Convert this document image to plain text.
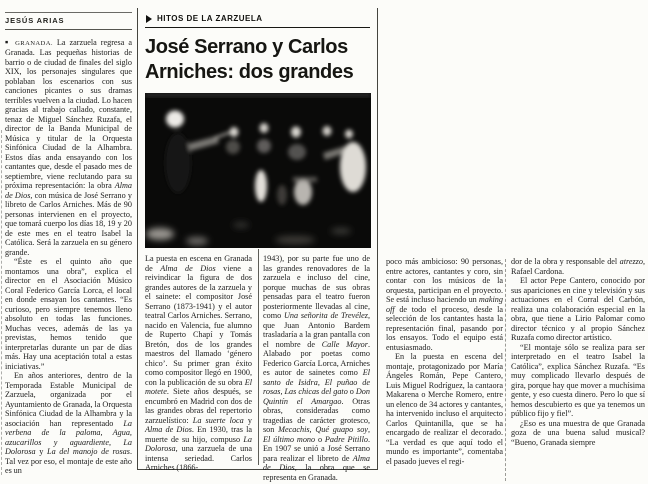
JESÚS ARIAS

■ GRANADA. La zarzuela regresa a Granada. Las pequeñas historias de barrio o de ciudad de finales del siglo XIX, los personajes singulares que poblaban los escenarios con sus canciones picantes o sus dramas terribles vuelven a la ciudad. Lo hacen gracias al trabajo callado, constante, tenaz de Miguel Sánchez Ruzafa, el director de la Banda Municipal de Música y titular de la Orquesta Sinfónica Ciudad de la Alhambra. Estos días anda ensayando con los cantantes que, desde el pasado mes de septiembre, viene reclutando para su próxima representación: la obra Alma de Dios, con música de José Serrano y libreto de Carlos Arniches. Más de 90 personas intervienen en el proyecto, que tomará cuerpo los días 18, 19 y 20 de este mes en el teatro Isabel la Católica. Será la zarzuela en su género grande.

“Éste es el quinto año que montamos una obra”, explica el director en el Asociación Músico Coral Federico García Lorca, el local en donde ensayan los cantantes. “Es curioso, pero siempre tenemos lleno absoluto en todas las funciones. Muchas veces, además de las ya previstas, hemos tenido que interpretarlas durante un par de días más. Hay una aceptación total a estas iniciativas.”

En años anteriores, dentro de la Temporada Estable Municipal de Zarzuela, organizada por el Ayuntamiento de Granada, la Orquesta Sinfónica Ciudad de la Alhambra y la asociación han representado La verbena de la paloma, Agua, azucarillos y aguardiente, La Dolorosa y La del manojo de rosas. Tal vez por eso, el montaje de este año es un

HITOS DE LA ZARZUELA
José Serrano y Carlos
Arniches: dos grandes

La puesta en escena en Granada de Alma de Dios viene a reivindicar la figura de dos grandes autores de la zarzuela y el sainete: el compositor José Serrano (1873-1941) y el autor teatral Carlos Arniches. Serrano, nacido en Valencia, fue alumno de Ruperto Chapí y Tomás Bretón, dos de los grandes maestros del llamado ‘género chico’. Su primer gran éxito como compositor llegó en 1900, con la publicación de su obra El motete. Siete años después, se encumbró en Madrid con dos de las grandes obras del repertorio zarzuelístico: La suerte loca y Alma de Dios. En 1930, tras la muerte de su hijo, compuso La Dolorosa, una zarzuela de una intensa seriedad. Carlos Arniches (1866-

1943), por su parte fue uno de las grandes renovadores de la zarzuela e incluso del cine, porque muchas de sus obras pensadas para el teatro fueron posteriormente llevadas al cine, como Una señorita de Trevélez, que Juan Antonio Bardem trasladaría a la gran pantalla con el nombre de Calle Mayor. Alabado por poetas como Federico García Lorca, Arniches es autor de sainetes como El santo de Isidra, El puñao de rosas, Las chicas del gato o Don Quintín el Amargao. Otras obras, consideradas como tragedias de carácter grotesco, son Mecachis, Qué guapo soy, El último mono o Padre Pitillo. En 1907 se unió a José Serrano para realizar el libreto de Alma de Dios, la obra que se representa en Granada.

poco más ambicioso: 90 personas, entre actores, cantantes y coro, sin contar con los músicos de la orquesta, participan en el proyecto. Se está incluso haciendo un making off de todo el proceso, desde la selección de los cantantes hasta la representación final, pasando por los ensayos. Todo el equipo está entusiasmado.

En la puesta en escena del montaje, protagonizado por María Ángeles Román, Pepe Cantero, Luis Miguel Rodríguez, la cantaora Makarena o Merche Romero, entre un elenco de 34 actores y cantantes, ha intervenido incluso el arquitecto Carlos Quintanilla, que se ha encargado de realizar el decorado. “La verdad es que aquí todo el mundo es importante”, comentaba el pasado jueves el regi-

dor de la obra y responsable del atrezzo, Rafael Cardona.

El actor Pepe Cantero, conocido por sus apariciones en cine y televisión y sus actuaciones en el Corral del Carbón, realiza una colaboración especial en la obra, que tiene a Lirio Palomar como director técnico y al propio Sánchez Ruzafa como director artístico.

“El montaje sólo se realiza para ser interpretado en el teatro Isabel la Católica”, explica Sánchez Ruzafa. “Es muy complicado llevarlo después de gira, porque hay que mover a muchísima gente, y eso cuesta dinero. Pero lo que sí hemos descubierto es que ya tenemos un público fijo y fiel”.

¿Eso es una muestra de que Granada goza de una buena salud musical? “Bueno, Granada siempre
